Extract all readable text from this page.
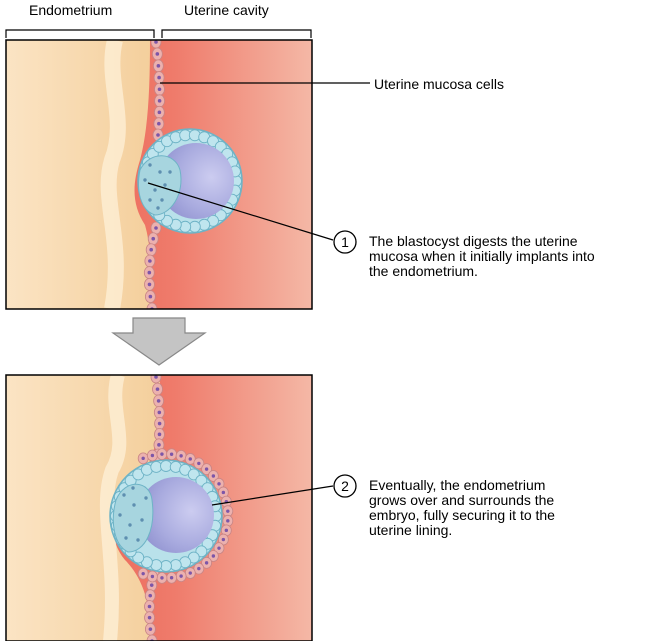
1
2
Endometrium	Uterine cavity
Uterine mucosa cells
The blastocyst digests the uterine
mucosa when it initially implants into
the endometrium.
Eventually, the endometrium
grows over and surrounds the
embryo, fully securing it to the
uterine lining.
